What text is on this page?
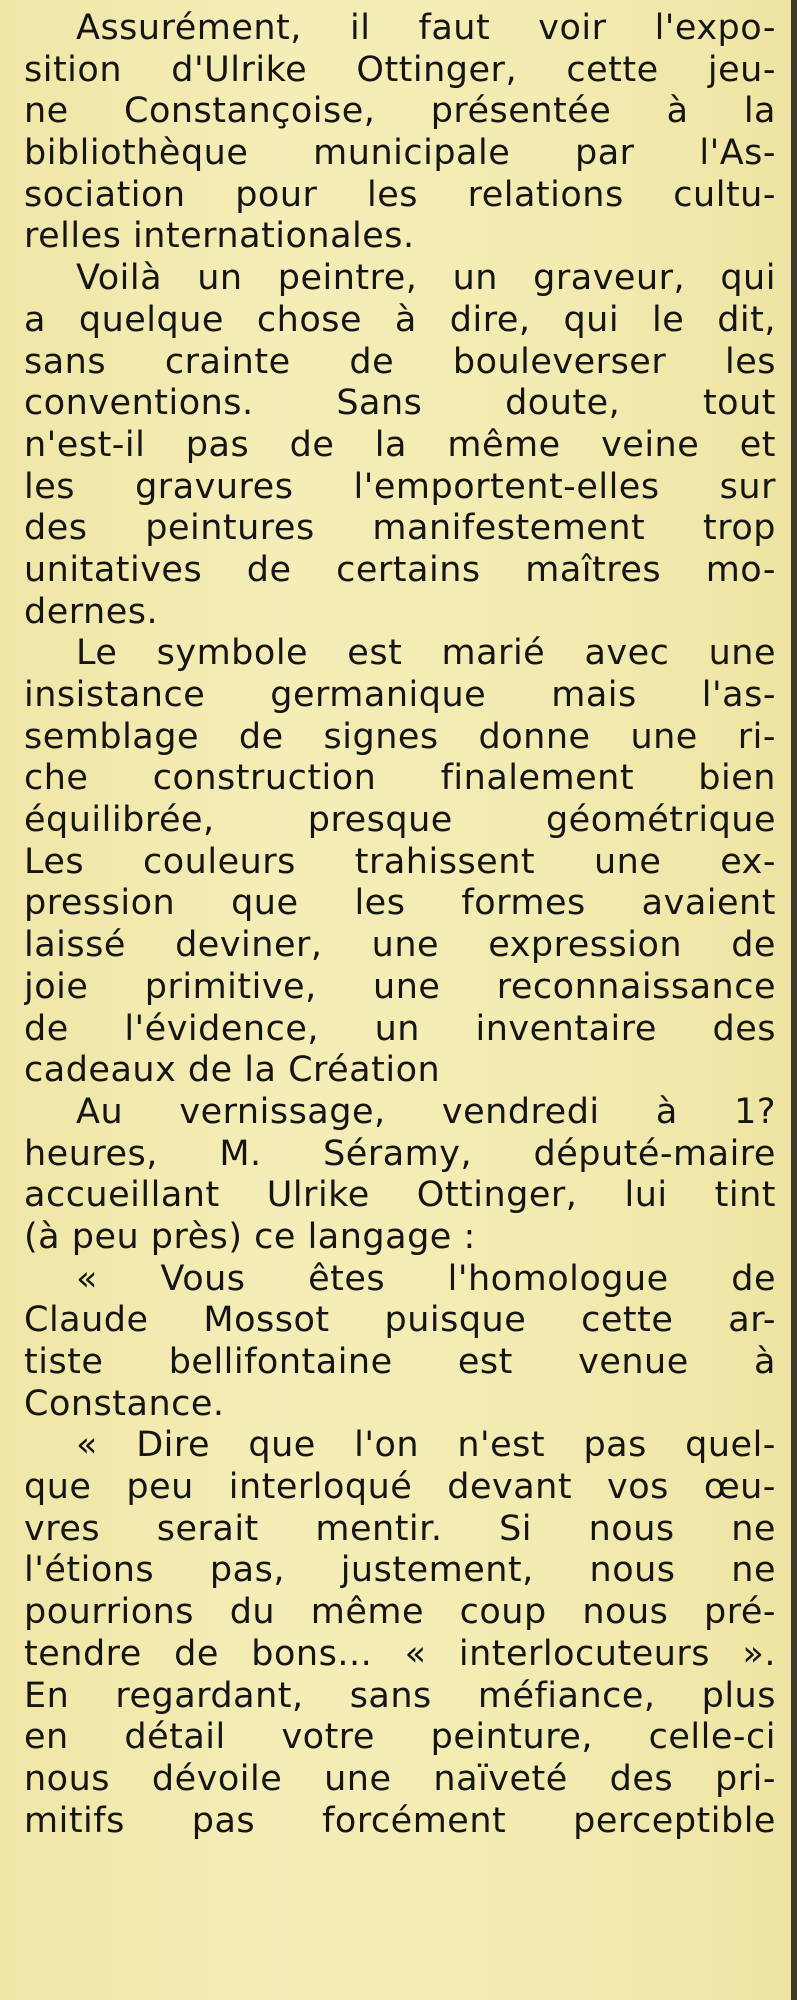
Assurément, il faut voir l'expo-
sition d'Ulrike Ottinger, cette jeu-
ne Constançoise, présentée à la
bibliothèque municipale par l'As-
sociation pour les relations cultu-
relles internationales.
Voilà un peintre, un graveur, qui
a quelque chose à dire, qui le dit,
sans crainte de bouleverser les
conventions. Sans doute, tout
n'est-il pas de la même veine et
les gravures l'emportent-elles sur
des peintures manifestement trop
unitatives de certains maîtres mo-
dernes.
Le symbole est marié avec une
insistance germanique mais l'as-
semblage de signes donne une ri-
che construction finalement bien
équilibrée,	presque	géométrique
Les couleurs trahissent une ex-
pression que les formes avaient
laissé deviner, une expression de
joie primitive, une reconnaissance
de l'évidence, un inventaire des
cadeaux de la Création
Au vernissage, vendredi à 1?
heures, M. Séramy, député-maire
accueillant Ulrike Ottinger, lui tint
(à peu près) ce langage :
« Vous êtes l'homologue de
Claude Mossot puisque cette ar-
tiste bellifontaine est venue à
Constance.
« Dire que l'on n'est pas quel-
que peu interloqué devant vos œu-
vres serait mentir. Si nous ne
l'étions pas, justement, nous ne
pourrions du même coup nous pré-
tendre de bons... « interlocuteurs ».
En regardant, sans méfiance, plus
en détail votre peinture, celle-ci
nous dévoile une naïveté des pri-
mitifs pas forcément perceptible
